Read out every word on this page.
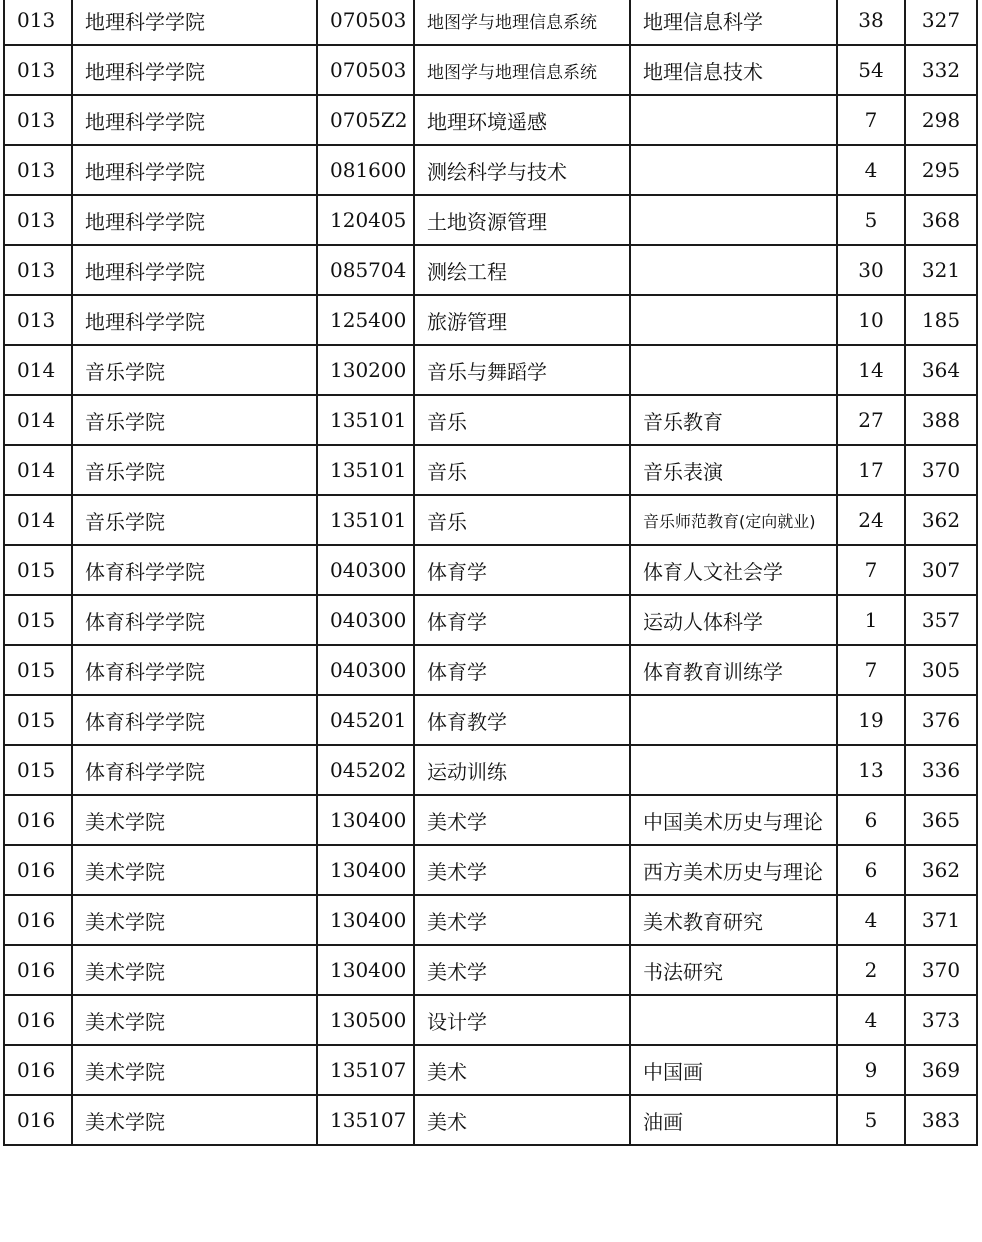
013	地理科学学院	070503	地图学与地理信息系统	地理信息科学	38	327
013	地理科学学院	070503	地图学与地理信息系统	地理信息技术	54	332
013	地理科学学院	0705Z2	地理环境遥感		7	298
013	地理科学学院	081600	测绘科学与技术		4	295
013	地理科学学院	120405	土地资源管理		5	368
013	地理科学学院	085704	测绘工程		30	321
013	地理科学学院	125400	旅游管理		10	185
014	音乐学院	130200	音乐与舞蹈学		14	364
014	音乐学院	135101	音乐	音乐教育	27	388
014	音乐学院	135101	音乐	音乐表演	17	370
014	音乐学院	135101	音乐	音乐师范教育(定向就业)	24	362
015	体育科学学院	040300	体育学	体育人文社会学	7	307
015	体育科学学院	040300	体育学	运动人体科学	1	357
015	体育科学学院	040300	体育学	体育教育训练学	7	305
015	体育科学学院	045201	体育教学		19	376
015	体育科学学院	045202	运动训练		13	336
016	美术学院	130400	美术学	中国美术历史与理论	6	365
016	美术学院	130400	美术学	西方美术历史与理论	6	362
016	美术学院	130400	美术学	美术教育研究	4	371
016	美术学院	130400	美术学	书法研究	2	370
016	美术学院	130500	设计学		4	373
016	美术学院	135107	美术	中国画	9	369
016	美术学院	135107	美术	油画	5	383
